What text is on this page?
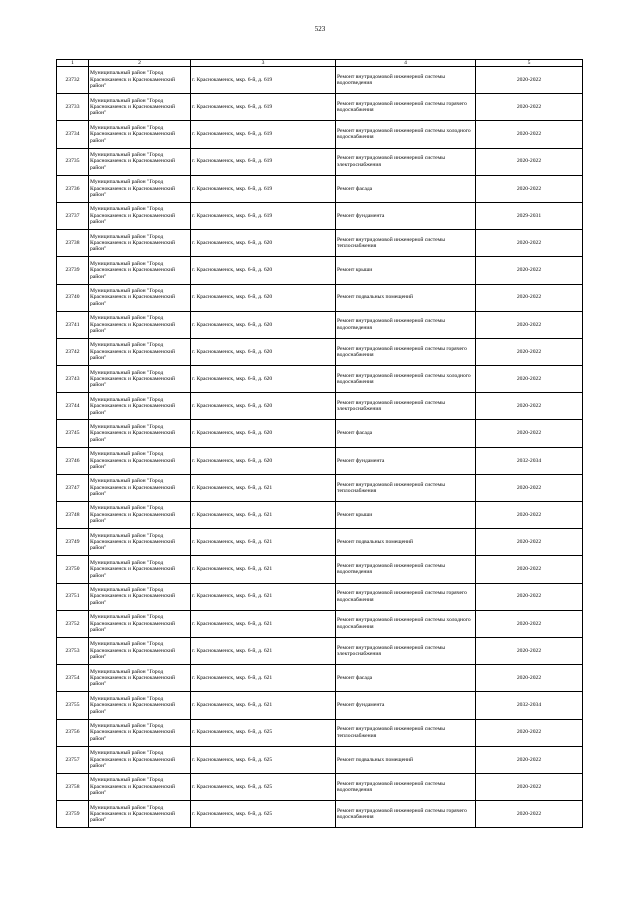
523
1	2	3	4	5
23732	Муниципальный район "Город Краснокаменск и Краснокаменский район"	г. Краснокаменск, мкр. 6-й, д. 619	Ремонт внутридомовой инженерной системы водоотведения	2020-2022
23733	Муниципальный район "Город Краснокаменск и Краснокаменский район"	г. Краснокаменск, мкр. 6-й, д. 619	Ремонт внутридомовой инженерной системы горячего водоснабжения	2020-2022
23734	Муниципальный район "Город Краснокаменск и Краснокаменский район"	г. Краснокаменск, мкр. 6-й, д. 619	Ремонт внутридомовой инженерной системы холодного водоснабжения	2020-2022
23735	Муниципальный район "Город Краснокаменск и Краснокаменский район"	г. Краснокаменск, мкр. 6-й, д. 619	Ремонт внутридомовой инженерной системы электроснабжения	2020-2022
23736	Муниципальный район "Город Краснокаменск и Краснокаменский район"	г. Краснокаменск, мкр. 6-й, д. 619	Ремонт фасада	2020-2022
23737	Муниципальный район "Город Краснокаменск и Краснокаменский район"	г. Краснокаменск, мкр. 6-й, д. 619	Ремонт фундамента	2029-2031
23738	Муниципальный район "Город Краснокаменск и Краснокаменский район"	г. Краснокаменск, мкр. 6-й, д. 620	Ремонт внутридомовой инженерной системы теплоснабжения	2020-2022
23739	Муниципальный район "Город Краснокаменск и Краснокаменский район"	г. Краснокаменск, мкр. 6-й, д. 620	Ремонт крыши	2020-2022
23740	Муниципальный район "Город Краснокаменск и Краснокаменский район"	г. Краснокаменск, мкр. 6-й, д. 620	Ремонт подвальных помещений	2020-2022
23741	Муниципальный район "Город Краснокаменск и Краснокаменский район"	г. Краснокаменск, мкр. 6-й, д. 620	Ремонт внутридомовой инженерной системы водоотведения	2020-2022
23742	Муниципальный район "Город Краснокаменск и Краснокаменский район"	г. Краснокаменск, мкр. 6-й, д. 620	Ремонт внутридомовой инженерной системы горячего водоснабжения	2020-2022
23743	Муниципальный район "Город Краснокаменск и Краснокаменский район"	г. Краснокаменск, мкр. 6-й, д. 620	Ремонт внутридомовой инженерной системы холодного водоснабжения	2020-2022
23744	Муниципальный район "Город Краснокаменск и Краснокаменский район"	г. Краснокаменск, мкр. 6-й, д. 620	Ремонт внутридомовой инженерной системы электроснабжения	2020-2022
23745	Муниципальный район "Город Краснокаменск и Краснокаменский район"	г. Краснокаменск, мкр. 6-й, д. 620	Ремонт фасада	2020-2022
23746	Муниципальный район "Город Краснокаменск и Краснокаменский район"	г. Краснокаменск, мкр. 6-й, д. 620	Ремонт фундамента	2032-2034
23747	Муниципальный район "Город Краснокаменск и Краснокаменский район"	г. Краснокаменск, мкр. 6-й, д. 621	Ремонт внутридомовой инженерной системы теплоснабжения	2020-2022
23748	Муниципальный район "Город Краснокаменск и Краснокаменский район"	г. Краснокаменск, мкр. 6-й, д. 621	Ремонт крыши	2020-2022
23749	Муниципальный район "Город Краснокаменск и Краснокаменский район"	г. Краснокаменск, мкр. 6-й, д. 621	Ремонт подвальных помещений	2020-2022
23750	Муниципальный район "Город Краснокаменск и Краснокаменский район"	г. Краснокаменск, мкр. 6-й, д. 621	Ремонт внутридомовой инженерной системы водоотведения	2020-2022
23751	Муниципальный район "Город Краснокаменск и Краснокаменский район"	г. Краснокаменск, мкр. 6-й, д. 621	Ремонт внутридомовой инженерной системы горячего водоснабжения	2020-2022
23752	Муниципальный район "Город Краснокаменск и Краснокаменский район"	г. Краснокаменск, мкр. 6-й, д. 621	Ремонт внутридомовой инженерной системы холодного водоснабжения	2020-2022
23753	Муниципальный район "Город Краснокаменск и Краснокаменский район"	г. Краснокаменск, мкр. 6-й, д. 621	Ремонт внутридомовой инженерной системы электроснабжения	2020-2022
23754	Муниципальный район "Город Краснокаменск и Краснокаменский район"	г. Краснокаменск, мкр. 6-й, д. 621	Ремонт фасада	2020-2022
23755	Муниципальный район "Город Краснокаменск и Краснокаменский район"	г. Краснокаменск, мкр. 6-й, д. 621	Ремонт фундамента	2032-2034
23756	Муниципальный район "Город Краснокаменск и Краснокаменский район"	г. Краснокаменск, мкр. 6-й, д. 625	Ремонт внутридомовой инженерной системы теплоснабжения	2020-2022
23757	Муниципальный район "Город Краснокаменск и Краснокаменский район"	г. Краснокаменск, мкр. 6-й, д. 625	Ремонт подвальных помещений	2020-2022
23758	Муниципальный район "Город Краснокаменск и Краснокаменский район"	г. Краснокаменск, мкр. 6-й, д. 625	Ремонт внутридомовой инженерной системы водоотведения	2020-2022
23759	Муниципальный район "Город Краснокаменск и Краснокаменский район"	г. Краснокаменск, мкр. 6-й, д. 625	Ремонт внутридомовой инженерной системы горячего водоснабжения	2020-2022
